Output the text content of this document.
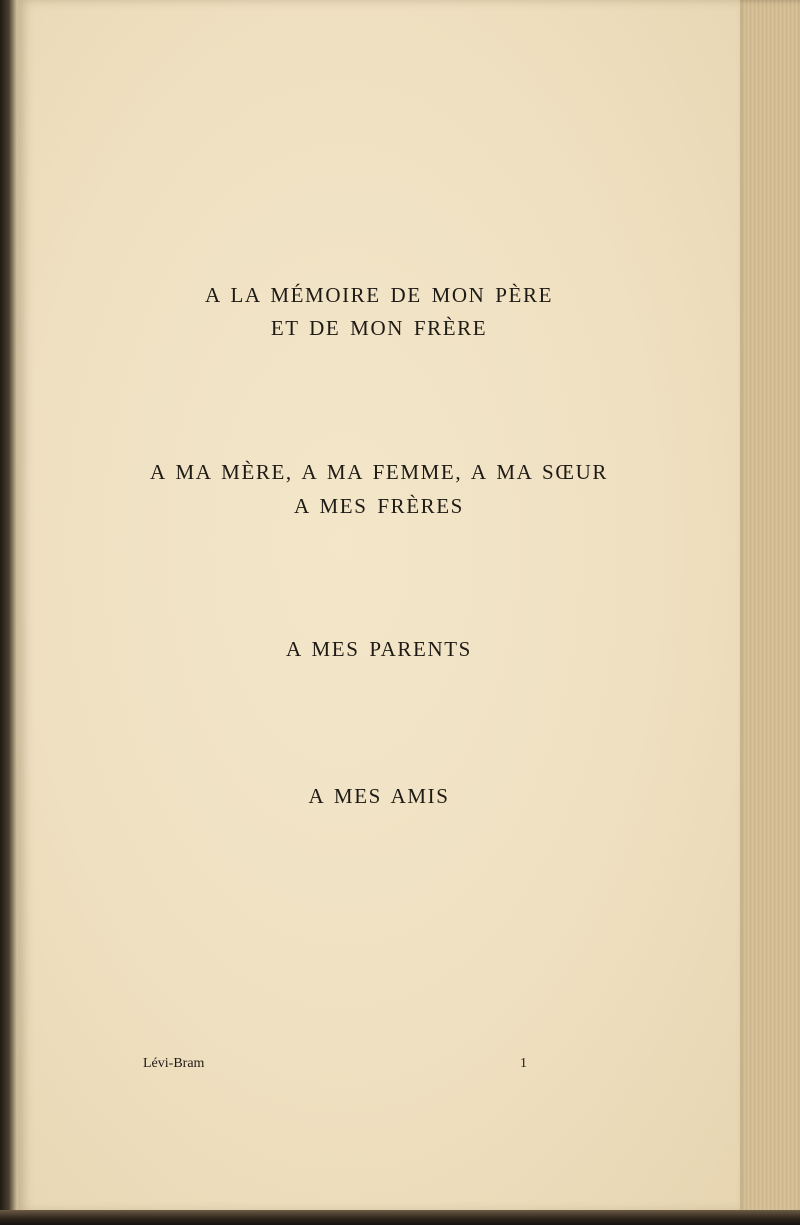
A LA MÉMOIRE DE MON PÈRE
ET DE MON FRÈRE
A MA MÈRE, A MA FEMME, A MA SŒUR
A MES FRÈRES
A MES PARENTS
A MES AMIS
Lévi-Bram	1
